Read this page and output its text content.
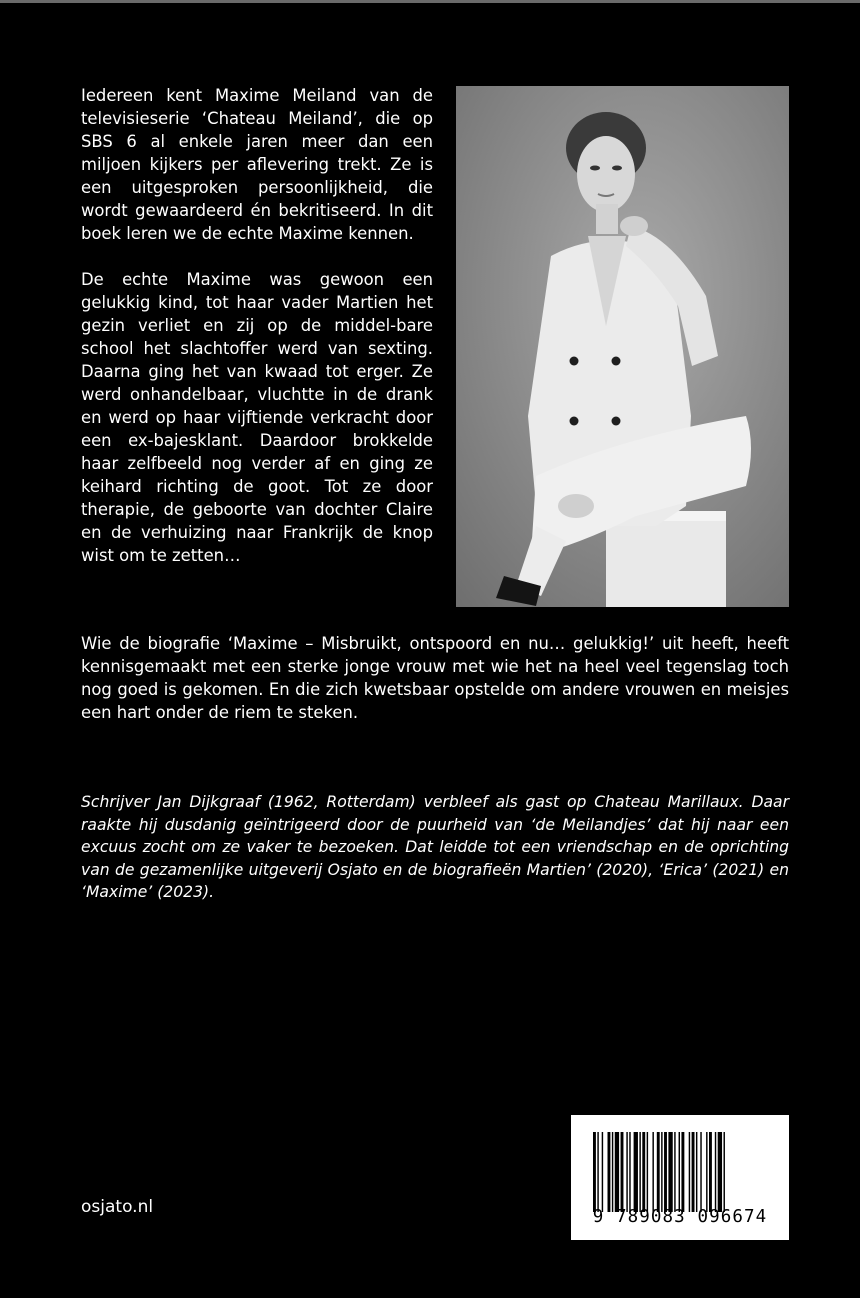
Iedereen kent Maxime Meiland van de televisieserie ‘Chateau Meiland’, die op SBS 6 al enkele jaren meer dan een miljoen kijkers per aflevering trekt. Ze is een uitgesproken persoonlijkheid, die wordt gewaardeerd én bekritiseerd. In dit boek leren we de echte Maxime kennen.

De echte Maxime was gewoon een gelukkig kind, tot haar vader Martien het gezin verliet en zij op de middel-bare school het slachtoffer werd van sexting. Daarna ging het van kwaad tot erger. Ze werd onhandelbaar, vluchtte in de drank en werd op haar vijftiende verkracht door een ex-bajesklant. Daardoor brokkelde haar zelfbeeld nog verder af en ging ze keihard richting de goot. Tot ze door therapie, de geboorte van dochter Claire en de verhuizing naar Frankrijk de knop wist om te zetten…

Wie de biografie ‘Maxime – Misbruikt, ontspoord en nu… gelukkig!’ uit heeft, heeft kennisgemaakt met een sterke jonge vrouw met wie het na heel veel tegenslag toch nog goed is gekomen. En die zich kwetsbaar opstelde om andere vrouwen en meisjes een hart onder de riem te steken.

Schrijver Jan Dijkgraaf (1962, Rotterdam) verbleef als gast op Chateau Marillaux. Daar raakte hij dusdanig geïntrigeerd door de puurheid van ‘de Meilandjes’ dat hij naar een excuus zocht om ze vaker te bezoeken. Dat leidde tot een vriendschap en de oprichting van de gezamenlijke uitgeverij Osjato en de biografieën Martien’ (2020), ‘Erica’ (2021) en ‘Maxime’ (2023).

osjato.nl	9 789083 096674
